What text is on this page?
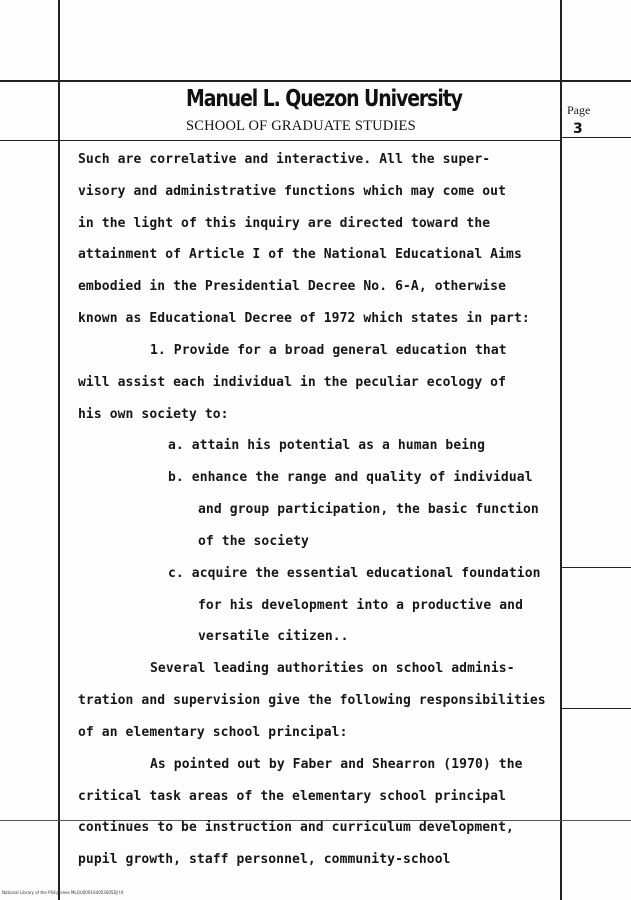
Manuel L. Quezon University
SCHOOL OF GRADUATE STUDIES
Page
3
Such are correlative and interactive. All the super-
visory and administrative functions which may come out
in the light of this inquiry are directed toward the
attainment of Article I of the National Educational Aims
embodied in the Presidential Decree No. 6-A, otherwise
known as Educational Decree of 1972 which states in part:
1. Provide for a broad general education that
will assist each individual in the peculiar ecology of
his own society to:
a. attain his potential as a human being
b. enhance the range and quality of individual
and group participation, the basic function
of the society
c. acquire the essential educational foundation
for his development into a productive and
versatile citizen..
Several leading authorities on school adminis-
tration and supervision give the following responsibilities
of an elementary school principal:
As pointed out by Faber and Shearron (1970) the
critical task areas of the elementary school principal
continues to be instruction and curriculum development,
pupil growth, staff personnel, community-school
National Library of the Philippines MLQU0001A4053005DJ tif
